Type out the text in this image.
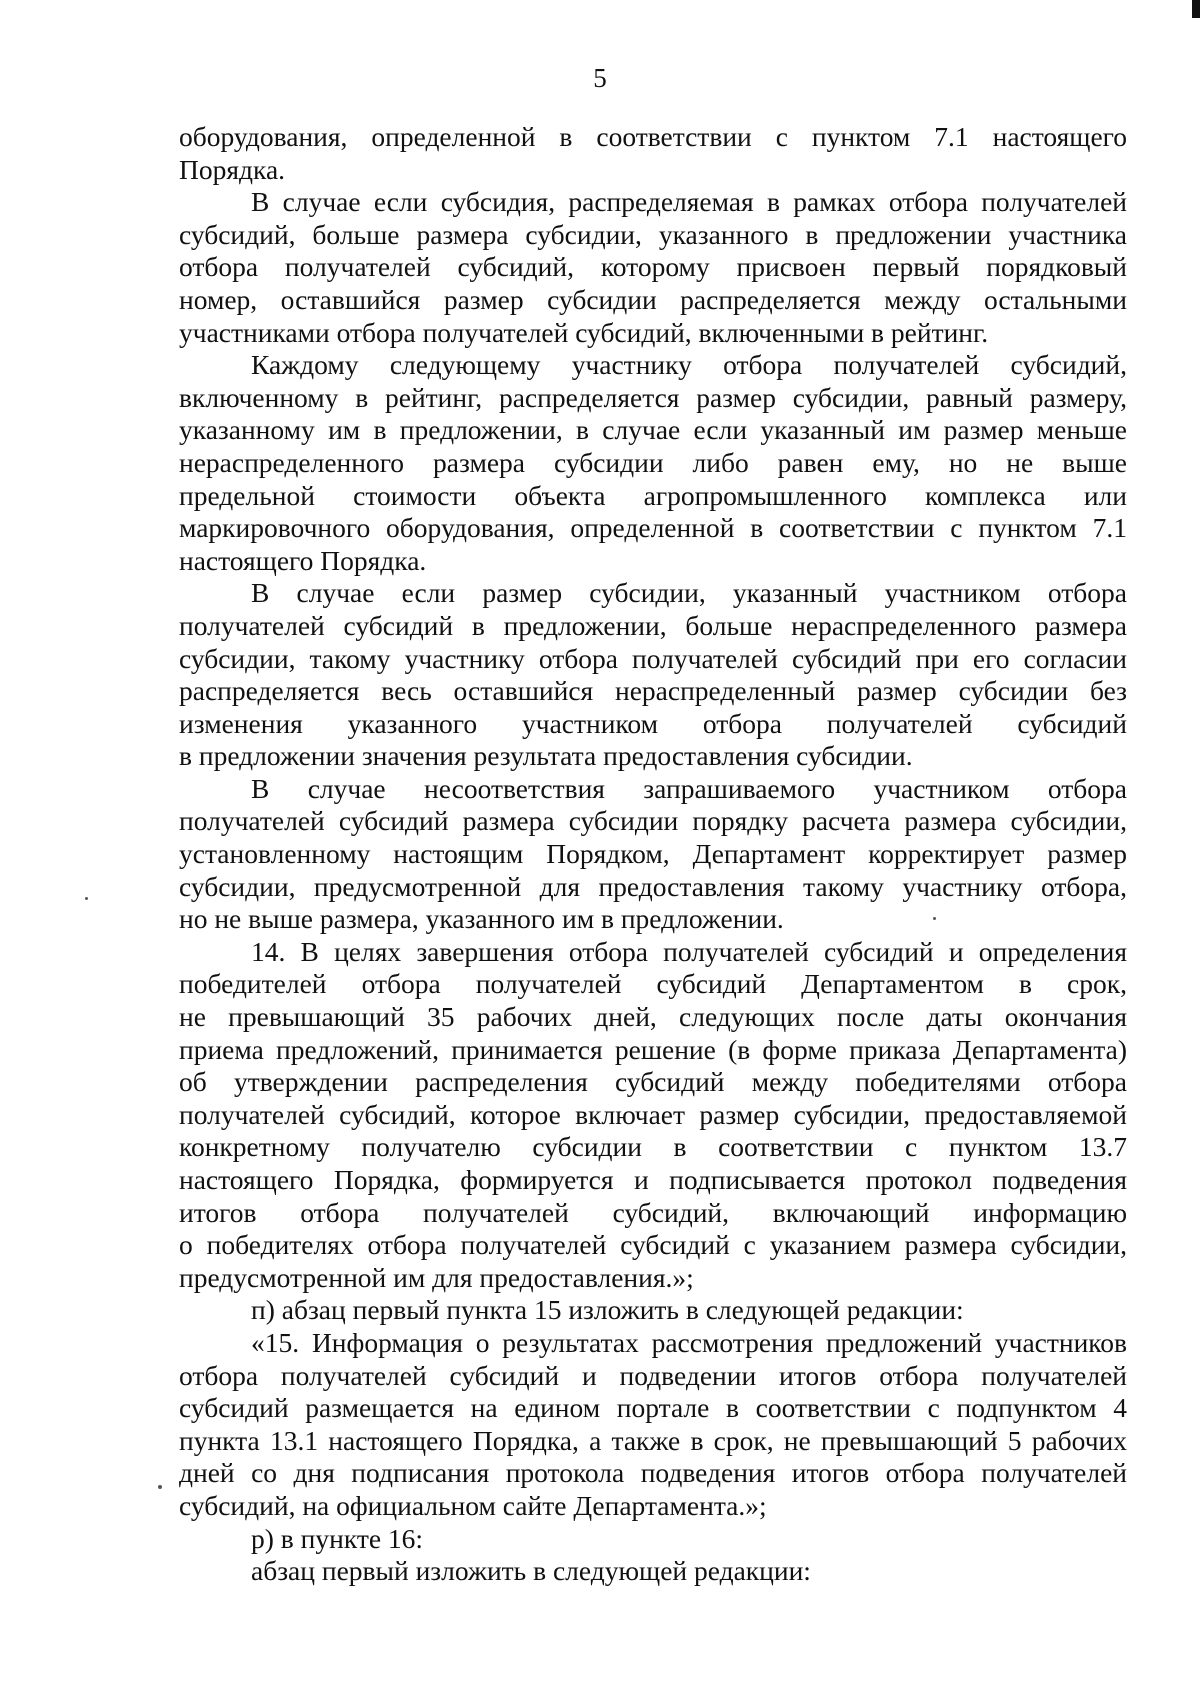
5
оборудования, определенной в соответствии с пунктом 7.1 настоящего
Порядка.
В случае если субсидия, распределяемая в рамках отбора получателей
субсидий, больше размера субсидии, указанного в предложении участника
отбора получателей субсидий, которому присвоен первый порядковый
номер, оставшийся размер субсидии распределяется между остальными
участниками отбора получателей субсидий, включенными в рейтинг.
Каждому следующему участнику отбора получателей субсидий,
включенному в рейтинг, распределяется размер субсидии, равный размеру,
указанному им в предложении, в случае если указанный им размер меньше
нераспределенного размера субсидии либо равен ему, но не выше
предельной стоимости объекта агропромышленного комплекса или
маркировочного оборудования, определенной в соответствии с пунктом 7.1
настоящего Порядка.
В случае если размер субсидии, указанный участником отбора
получателей субсидий в предложении, больше нераспределенного размера
субсидии, такому участнику отбора получателей субсидий при его согласии
распределяется весь оставшийся нераспределенный размер субсидии без
изменения указанного участником отбора получателей субсидий
в предложении значения результата предоставления субсидии.
В случае несоответствия запрашиваемого участником отбора
получателей субсидий размера субсидии порядку расчета размера субсидии,
установленному настоящим Порядком, Департамент корректирует размер
субсидии, предусмотренной для предоставления такому участнику отбора,
но не выше размера, указанного им в предложении.
14. В целях завершения отбора получателей субсидий и определения
победителей отбора получателей субсидий Департаментом в срок,
не превышающий 35 рабочих дней, следующих после даты окончания
приема предложений, принимается решение (в форме приказа Департамента)
об утверждении распределения субсидий между победителями отбора
получателей субсидий, которое включает размер субсидии, предоставляемой
конкретному получателю субсидии в соответствии с пунктом 13.7
настоящего Порядка, формируется и подписывается протокол подведения
итогов отбора получателей субсидий, включающий информацию
о победителях отбора получателей субсидий с указанием размера субсидии,
предусмотренной им для предоставления.»;
п) абзац первый пункта 15 изложить в следующей редакции:
«15. Информация о результатах рассмотрения предложений участников
отбора получателей субсидий и подведении итогов отбора получателей
субсидий размещается на едином портале в соответствии с подпунктом 4
пункта 13.1 настоящего Порядка, а также в срок, не превышающий 5 рабочих
дней со дня подписания протокола подведения итогов отбора получателей
субсидий, на официальном сайте Департамента.»;
р) в пункте 16:
абзац первый изложить в следующей редакции:
